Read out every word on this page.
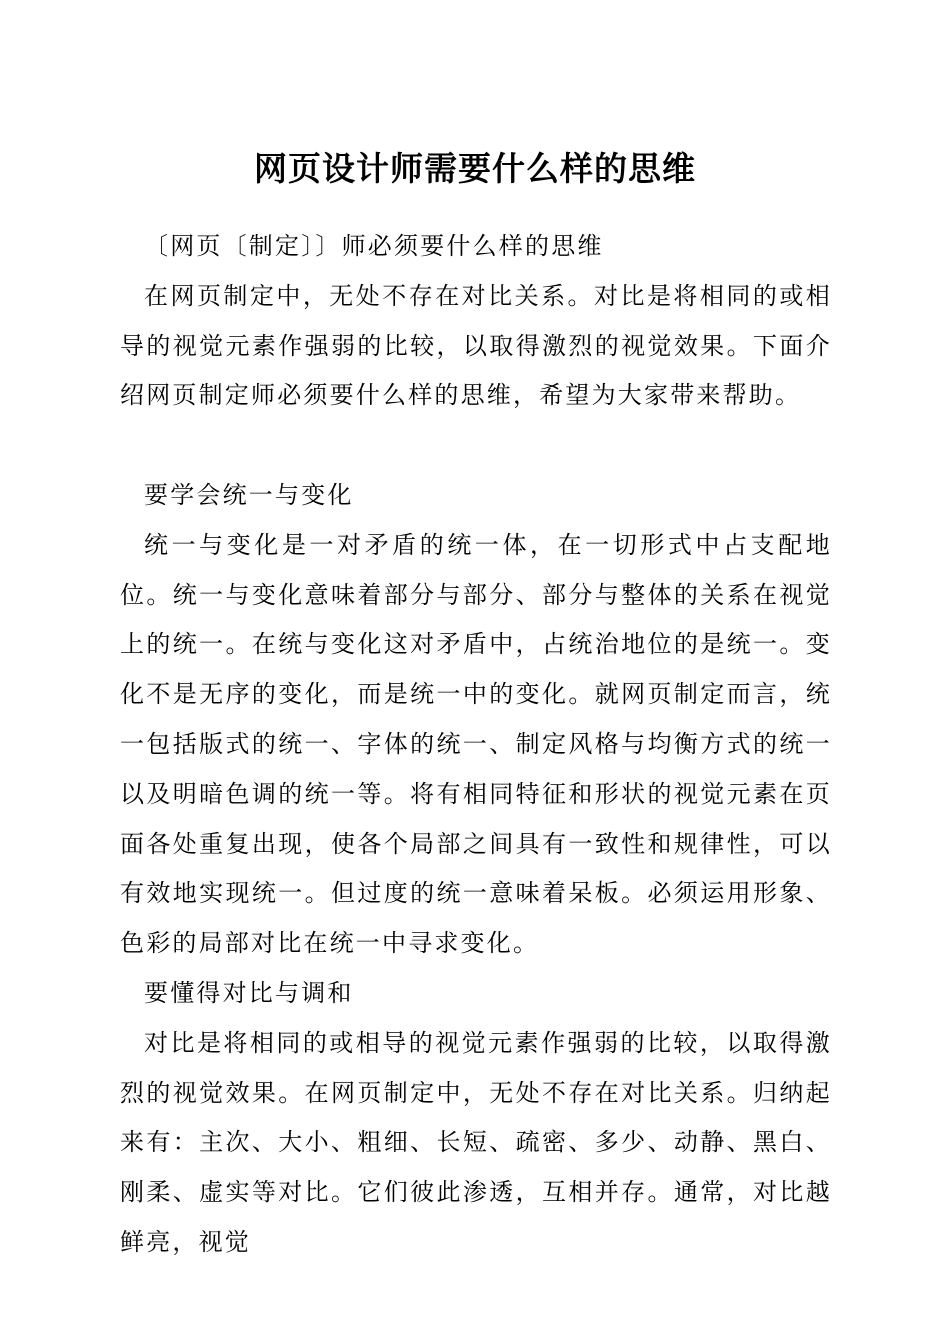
网页设计师需要什么样的思维

〔网页〔制定〕〕师必须要什么样的思维

在网页制定中，无处不存在对比关系。对比是将相同的或相导的视觉元素作强弱的比较，以取得激烈的视觉效果。下面介绍网页制定师必须要什么样的思维，希望为大家带来帮助。

要学会统一与变化

统一与变化是一对矛盾的统一体，在一切形式中占支配地位。统一与变化意味着部分与部分、部分与整体的关系在视觉上的统一。在统与变化这对矛盾中，占统治地位的是统一。变化不是无序的变化，而是统一中的变化。就网页制定而言，统一包括版式的统一、字体的统一、制定风格与均衡方式的统一以及明暗色调的统一等。将有相同特征和形状的视觉元素在页面各处重复出现，使各个局部之间具有一致性和规律性，可以有效地实现统一。但过度的统一意味着呆板。必须运用形象、色彩的局部对比在统一中寻求变化。

要懂得对比与调和

对比是将相同的或相导的视觉元素作强弱的比较，以取得激烈的视觉效果。在网页制定中，无处不存在对比关系。归纳起来有：主次、大小、粗细、长短、疏密、多少、动静、黑白、刚柔、虚实等对比。它们彼此渗透，互相并存。通常，对比越鲜亮，视觉
